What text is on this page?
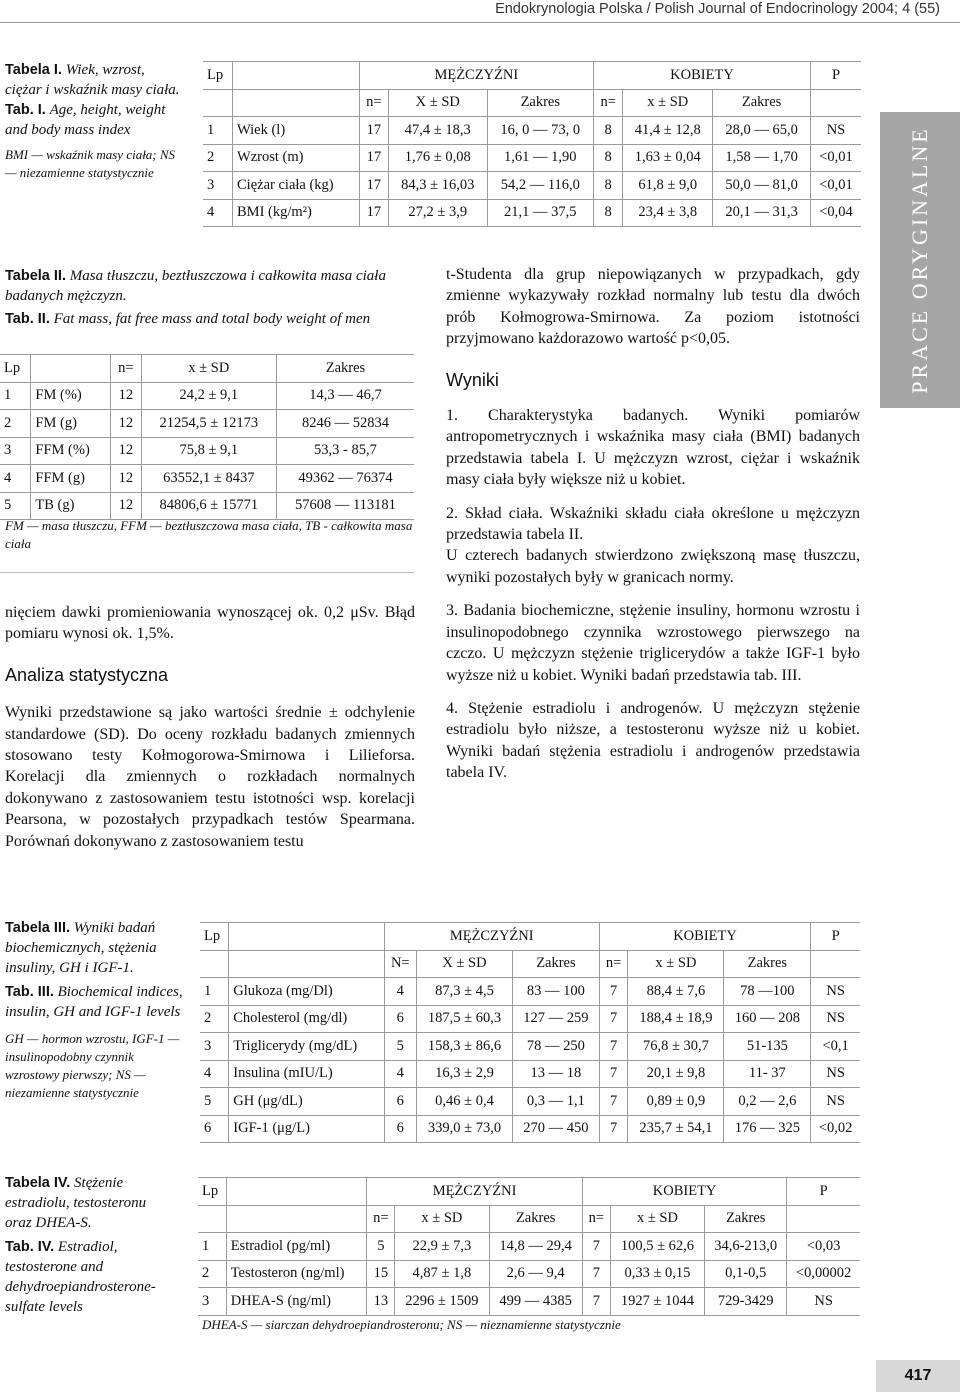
Endokrynologia Polska / Polish Journal of Endocrinology 2004; 4 (55)
PRACE ORYGINALNE
Tabela I. Wiek, wzrost, ciężar i wskaźnik masy ciała.
Tab. I. Age, height, weight and body mass index
BMI — wskaźnik masy ciała; NS — niezamienne statystycznie
Lp		MĘŻCZYŹNI			KOBIETY			P
		n=	X ± SD	Zakres	n=	x ± SD	Zakres	
1	Wiek (l)	17	47,4 ± 18,3	16, 0 — 73, 0	8	41,4 ± 12,8	28,0 — 65,0	NS
2	Wzrost (m)	17	1,76 ± 0,08	1,61 — 1,90	8	1,63 ± 0,04	1,58 — 1,70	<0,01
3	Ciężar ciała (kg)	17	84,3 ± 16,03	54,2 — 116,0	8	61,8 ± 9,0	50,0 — 81,0	<0,01
4	BMI (kg/m²)	17	27,2 ± 3,9	21,1 — 37,5	8	23,4 ± 3,8	20,1 — 31,3	<0,04
Tabela II. Masa tłuszczu, beztłuszczowa i całkowita masa ciała badanych mężczyzn.
Tab. II. Fat mass, fat free mass and total body weight of men
Lp		n=	x ± SD	Zakres
1	FM (%)	12	24,2 ± 9,1	14,3 — 46,7
2	FM (g)	12	21254,5 ± 12173	8246 — 52834
3	FFM (%)	12	75,8 ± 9,1	53,3 - 85,7
4	FFM (g)	12	63552,1 ± 8437	49362 — 76374
5	TB (g)	12	84806,6 ± 15771	57608 — 113181
FM — masa tłuszczu, FFM — beztłuszczowa masa ciała, TB - całkowita masa ciała

nięciem dawki promieniowania wynoszącej ok. 0,2 μSv. Błąd pomiaru wynosi ok. 1,5%.

Analiza statystyczna

Wyniki przedstawione są jako wartości średnie ± odchylenie standardowe (SD). Do oceny rozkładu badanych zmiennych stosowano testy Kołmogorowa-Smirnowa i Lilieforsa. Korelacji dla zmiennych o rozkładach normalnych dokonywano z zastosowaniem testu istotności wsp. korelacji Pearsona, w pozostałych przypadkach testów Spearmana. Porównań dokonywano z zastosowaniem testu

t-Studenta dla grup niepowiązanych w przypadkach, gdy zmienne wykazywały rozkład normalny lub testu dla dwóch prób Kołmogrowa-Smirnowa. Za poziom istotności przyjmowano każdorazowo wartość p<0,05.

Wyniki

1. Charakterystyka badanych. Wyniki pomiarów antropometrycznych i wskaźnika masy ciała (BMI) badanych przedstawia tabela I. U mężczyzn wzrost, ciężar i wskaźnik masy ciała były większe niż u kobiet.

2. Skład ciała. Wskaźniki składu ciała określone u mężczyzn przedstawia tabela II.

U czterech badanych stwierdzono zwiększoną masę tłuszczu, wyniki pozostałych były w granicach normy.

3. Badania biochemiczne, stężenie insuliny, hormonu wzrostu i insulinopodobnego czynnika wzrostowego pierwszego na czczo. U mężczyzn stężenie triglicerydów a także IGF-1 było wyższe niż u kobiet. Wyniki badań przedstawia tab. III.

4. Stężenie estradiolu i androgenów. U mężczyzn stężenie estradiolu było niższe, a testosteronu wyższe niż u kobiet. Wyniki badań stężenia estradiolu i androgenów przedstawia tabela IV.

Tabela III. Wyniki badań biochemicznych, stężenia insuliny, GH i IGF-1.
Tab. III. Biochemical indices, insulin, GH and IGF-1 levels
GH — hormon wzrostu, IGF-1 — insulinopodobny czynnik wzrostowy pierwszy; NS — niezamienne statystycznie
Lp		MĘŻCZYŹNI			KOBIETY			P
		N=	X ± SD	Zakres	n=	x ± SD	Zakres	
1	Glukoza (mg/Dl)	4	87,3 ± 4,5	83 — 100	7	88,4 ± 7,6	78 —100	NS
2	Cholesterol (mg/dl)	6	187,5 ± 60,3	127 — 259	7	188,4 ± 18,9	160 — 208	NS
3	Triglicerydy (mg/dL)	5	158,3 ± 86,6	78 — 250	7	76,8 ± 30,7	51-135	<0,1
4	Insulina (mIU/L)	4	16,3 ± 2,9	13 — 18	7	20,1 ± 9,8	11- 37	NS
5	GH (μg/dL)	6	0,46 ± 0,4	0,3 — 1,1	7	0,89 ± 0,9	0,2 — 2,6	NS
6	IGF-1 (μg/L)	6	339,0 ± 73,0	270 — 450	7	235,7 ± 54,1	176 — 325	<0,02
Tabela IV. Stężenie estradiolu, testosteronu oraz DHEA-S.
Tab. IV. Estradiol, testosterone and dehydroepiandrosterone-sulfate levels
Lp		MĘŻCZYŹNI			KOBIETY			P
		n=	x ± SD	Zakres	n=	x ± SD	Zakres	
1	Estradiol (pg/ml)	5	22,9 ± 7,3	14,8 — 29,4	7	100,5 ± 62,6	34,6-213,0	<0,03
2	Testosteron (ng/ml)	15	4,87 ± 1,8	2,6 — 9,4	7	0,33 ± 0,15	0,1-0,5	<0,00002
3	DHEA-S (ng/ml)	13	2296 ± 1509	499 — 4385	7	1927 ± 1044	729-3429	NS
DHEA-S — siarczan dehydroepiandrosteronu; NS — nieznamienne statystycznie
417
